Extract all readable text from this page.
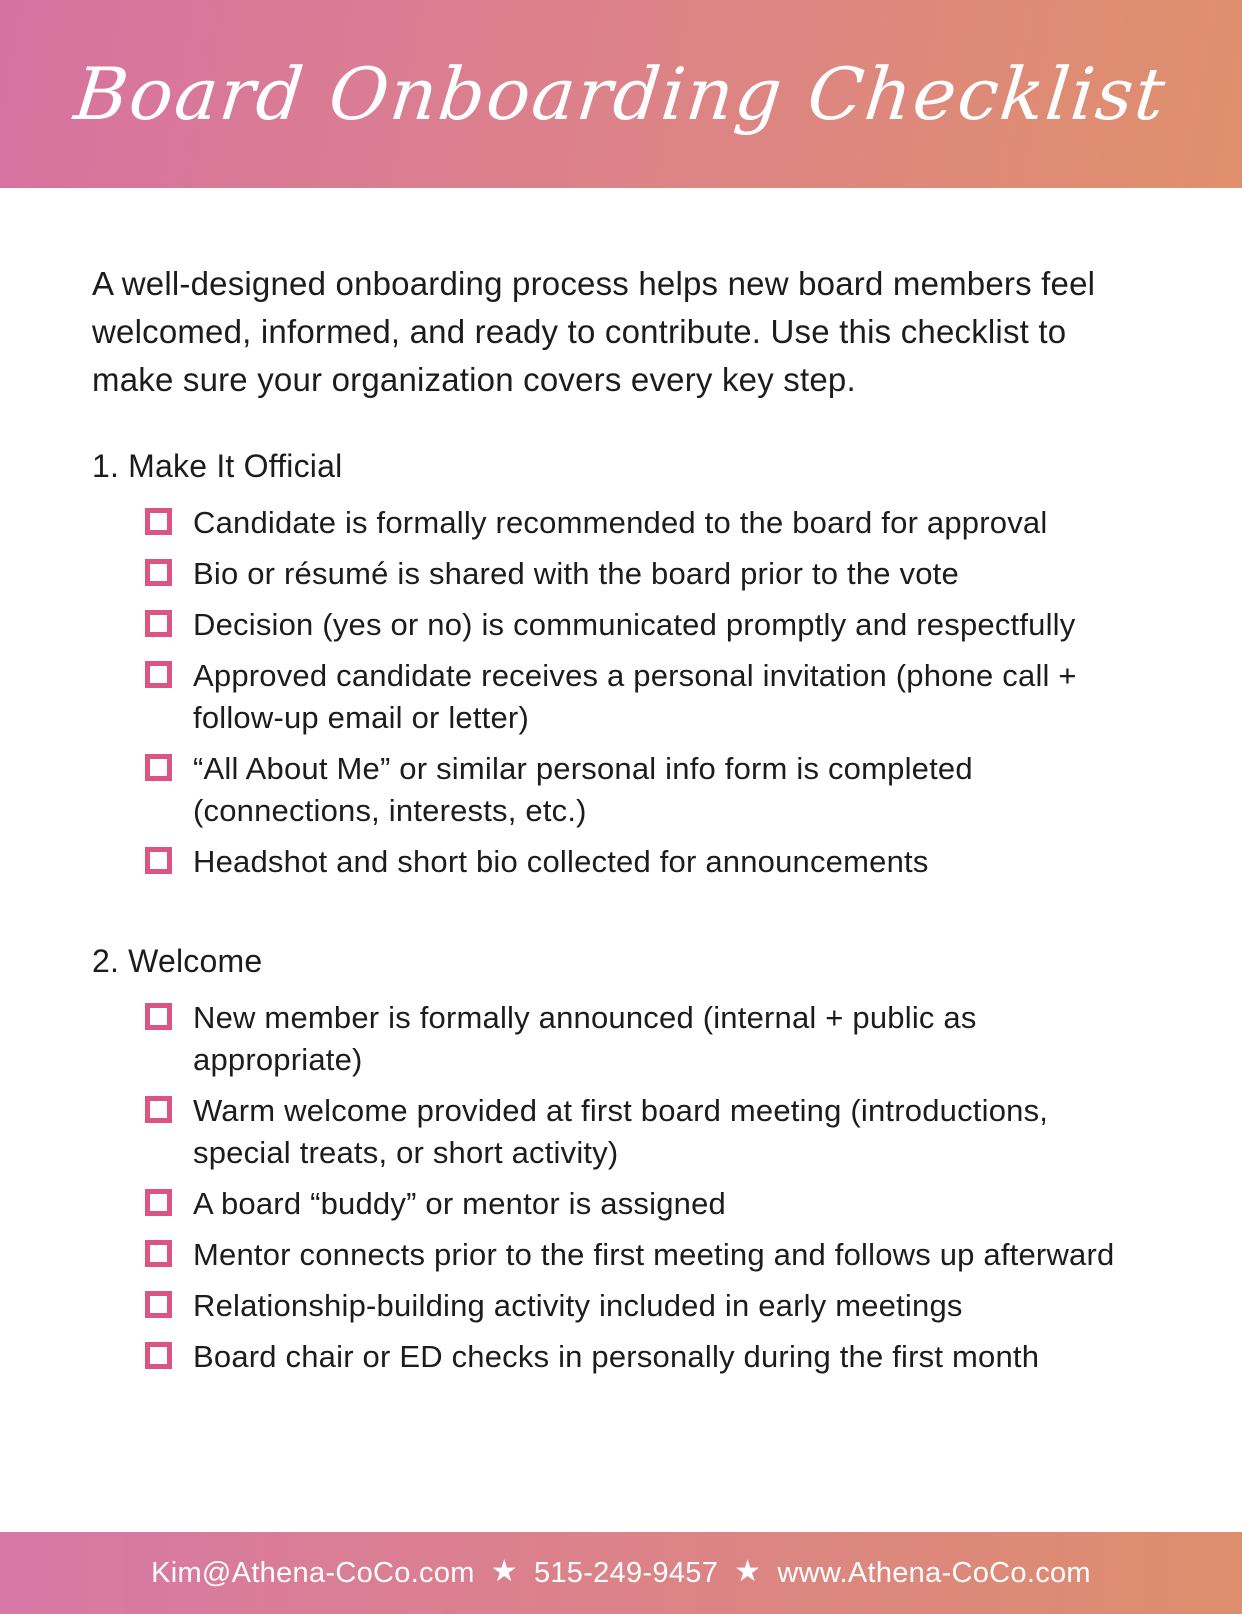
Board Onboarding Checklist

A well-designed onboarding process helps new board members feel welcomed, informed, and ready to contribute. Use this checklist to make sure your organization covers every key step.

1. Make It Official
Candidate is formally recommended to the board for approval
Bio or résumé is shared with the board prior to the vote
Decision (yes or no) is communicated promptly and respectfully
Approved candidate receives a personal invitation (phone call + follow-up email or letter)
“All About Me” or similar personal info form is completed (connections, interests, etc.)
Headshot and short bio collected for announcements
2. Welcome
New member is formally announced (internal + public as appropriate)
Warm welcome provided at first board meeting (introductions, special treats, or short activity)
A board “buddy” or mentor is assigned
Mentor connects prior to the first meeting and follows up afterward
Relationship-building activity included in early meetings
Board chair or ED checks in personally during the first month
Kim@Athena-CoCo.com ★ 515-249-9457 ★ www.Athena-CoCo.com
